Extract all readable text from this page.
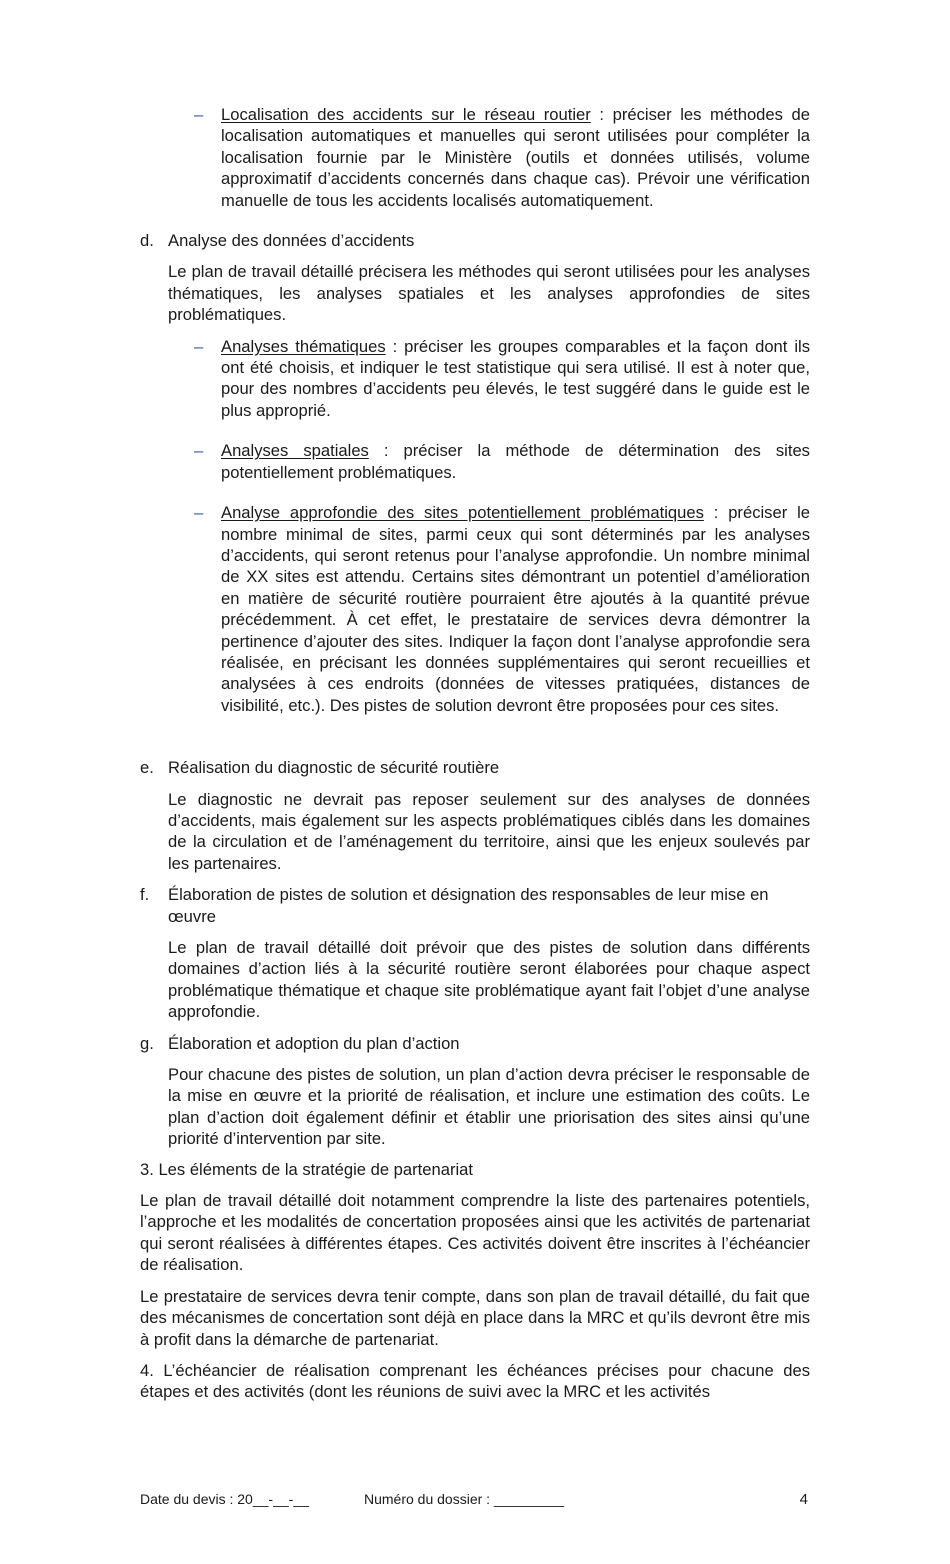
– Localisation des accidents sur le réseau routier : préciser les méthodes de localisation automatiques et manuelles qui seront utilisées pour compléter la localisation fournie par le Ministère (outils et données utilisés, volume approximatif d’accidents concernés dans chaque cas). Prévoir une vérification manuelle de tous les accidents localisés automatiquement.
d. Analyse des données d’accidents

Le plan de travail détaillé précisera les méthodes qui seront utilisées pour les analyses thématiques, les analyses spatiales et les analyses approfondies de sites problématiques.

– Analyses thématiques : préciser les groupes comparables et la façon dont ils ont été choisis, et indiquer le test statistique qui sera utilisé. Il est à noter que, pour des nombres d’accidents peu élevés, le test suggéré dans le guide est le plus approprié.
– Analyses spatiales : préciser la méthode de détermination des sites potentiellement problématiques.
– Analyse approfondie des sites potentiellement problématiques : préciser le nombre minimal de sites, parmi ceux qui sont déterminés par les analyses d’accidents, qui seront retenus pour l’analyse approfondie. Un nombre minimal de XX sites est attendu. Certains sites démontrant un potentiel d’amélioration en matière de sécurité routière pourraient être ajoutés à la quantité prévue précédemment. À cet effet, le prestataire de services devra démontrer la pertinence d’ajouter des sites. Indiquer la façon dont l’analyse approfondie sera réalisée, en précisant les données supplémentaires qui seront recueillies et analysées à ces endroits (données de vitesses pratiquées, distances de visibilité, etc.). Des pistes de solution devront être proposées pour ces sites.
e. Réalisation du diagnostic de sécurité routière

Le diagnostic ne devrait pas reposer seulement sur des analyses de données d’accidents, mais également sur les aspects problématiques ciblés dans les domaines de la circulation et de l’aménagement du territoire, ainsi que les enjeux soulevés par les partenaires.

f. Élaboration de pistes de solution et désignation des responsables de leur mise en œuvre

Le plan de travail détaillé doit prévoir que des pistes de solution dans différents domaines d’action liés à la sécurité routière seront élaborées pour chaque aspect problématique thématique et chaque site problématique ayant fait l’objet d’une analyse approfondie.

g. Élaboration et adoption du plan d’action

Pour chacune des pistes de solution, un plan d’action devra préciser le responsable de la mise en œuvre et la priorité de réalisation, et inclure une estimation des coûts. Le plan d’action doit également définir et établir une priorisation des sites ainsi qu’une priorité d’intervention par site.

3. Les éléments de la stratégie de partenariat

Le plan de travail détaillé doit notamment comprendre la liste des partenaires potentiels, l’approche et les modalités de concertation proposées ainsi que les activités de partenariat qui seront réalisées à différentes étapes. Ces activités doivent être inscrites à l’échéancier de réalisation.

Le prestataire de services devra tenir compte, dans son plan de travail détaillé, du fait que des mécanismes de concertation sont déjà en place dans la MRC et qu’ils devront être mis à profit dans la démarche de partenariat.

4. L’échéancier de réalisation comprenant les échéances précises pour chacune des étapes et des activités (dont les réunions de suivi avec la MRC et les activités

Date du devis : 20__-__-__	Numéro du dossier : _________	4
